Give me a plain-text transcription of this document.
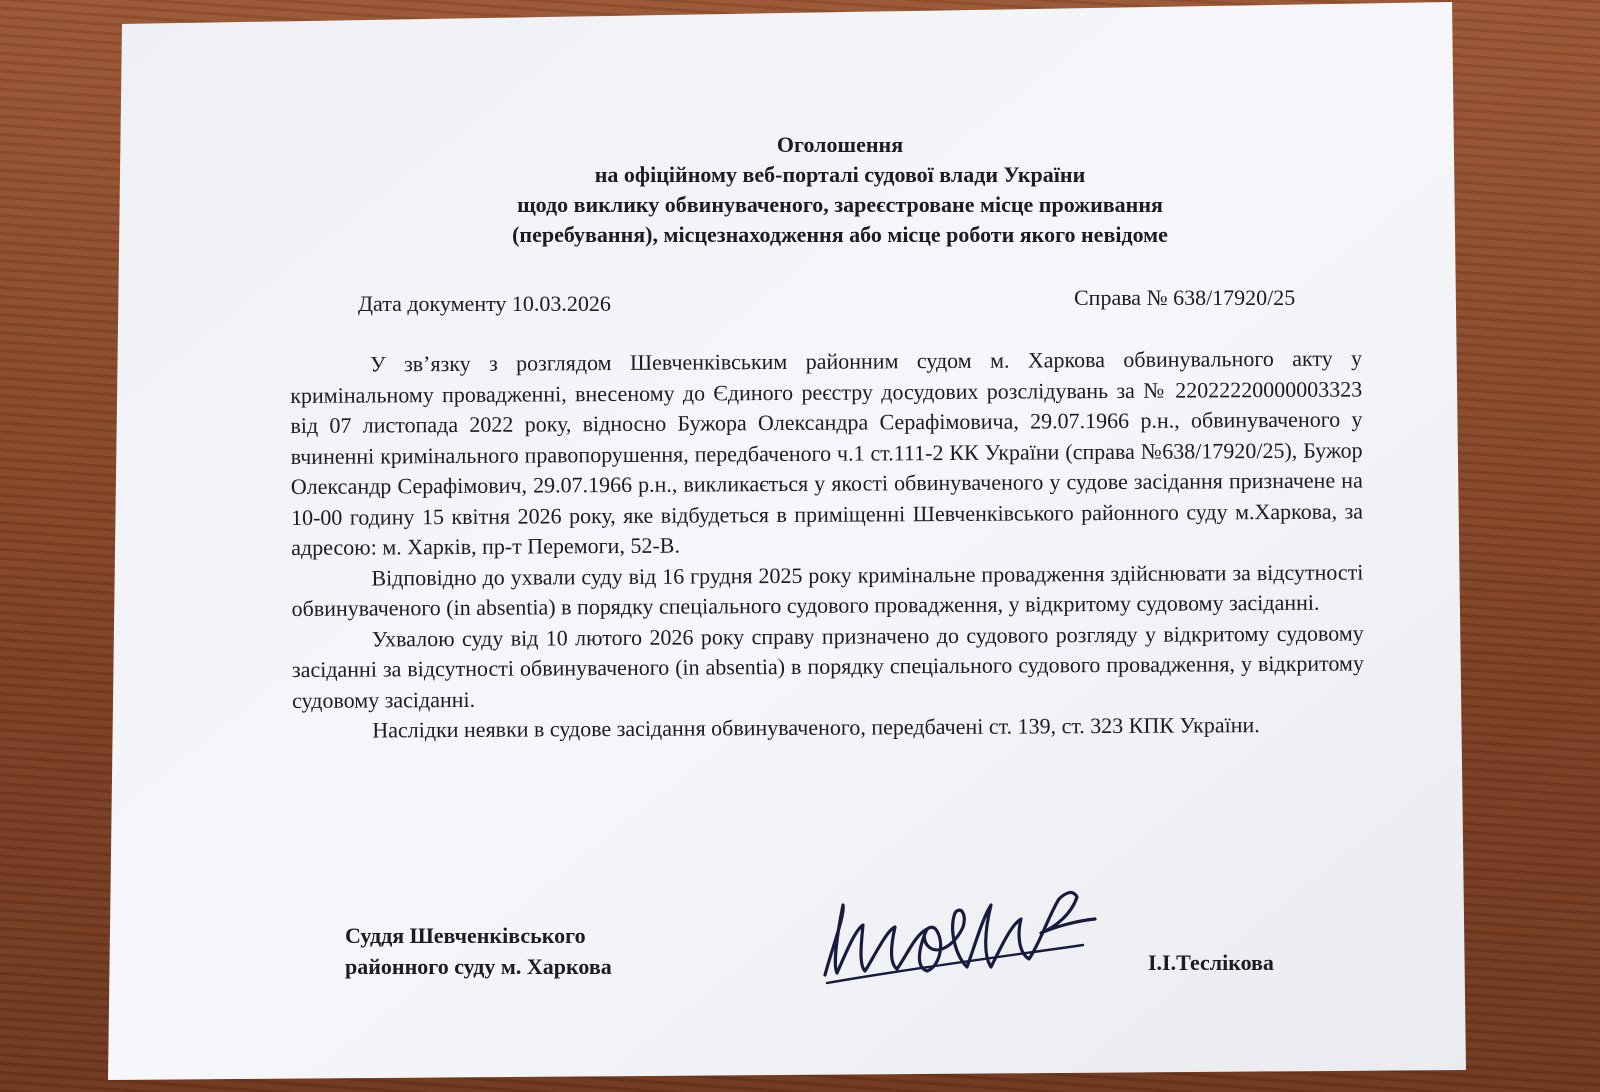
Оголошення
на офіційному веб-порталі судової влади України
щодо виклику обвинуваченого, зареєстроване місце проживання
(перебування), місцезнаходження або місце роботи якого невідоме
Дата документу 10.03.2026	Справа № 638/17920/25

У зв’язку з розглядом Шевченківським районним судом м. Харкова обвинувального акту у кримінальному провадженні, внесеному до Єдиного реєстру досудових розслідувань за № 22022220000003323 від 07 листопада 2022 року, відносно Бужора Олександра Серафімовича, 29.07.1966 р.н., обвинуваченого у вчиненні кримінального правопорушення, передбаченого ч.1 ст.111-2 КК України (справа №638/17920/25), Бужор Олександр Серафімович, 29.07.1966 р.н., викликається у якості обвинуваченого у судове засідання призначене на 10-00 годину 15 квітня 2026 року, яке відбудеться в приміщенні Шевченківського районного суду м.Харкова, за адресою: м. Харків, пр-т Перемоги, 52-В.

Відповідно до ухвали суду від 16 грудня 2025 року кримінальне провадження здійснювати за відсутності обвинуваченого (in absentia) в порядку спеціального судового провадження, у відкритому судовому засіданні.

Ухвалою суду від 10 лютого 2026 року справу призначено до судового розгляду у відкритому судовому засіданні за відсутності обвинуваченого (in absentia) в порядку спеціального судового провадження, у відкритому судовому засіданні.

Наслідки неявки в судове засідання обвинуваченого, передбачені ст. 139, ст. 323 КПК України.

Суддя Шевченківського
районного суду м. Харкова	І.І.Теслікова
